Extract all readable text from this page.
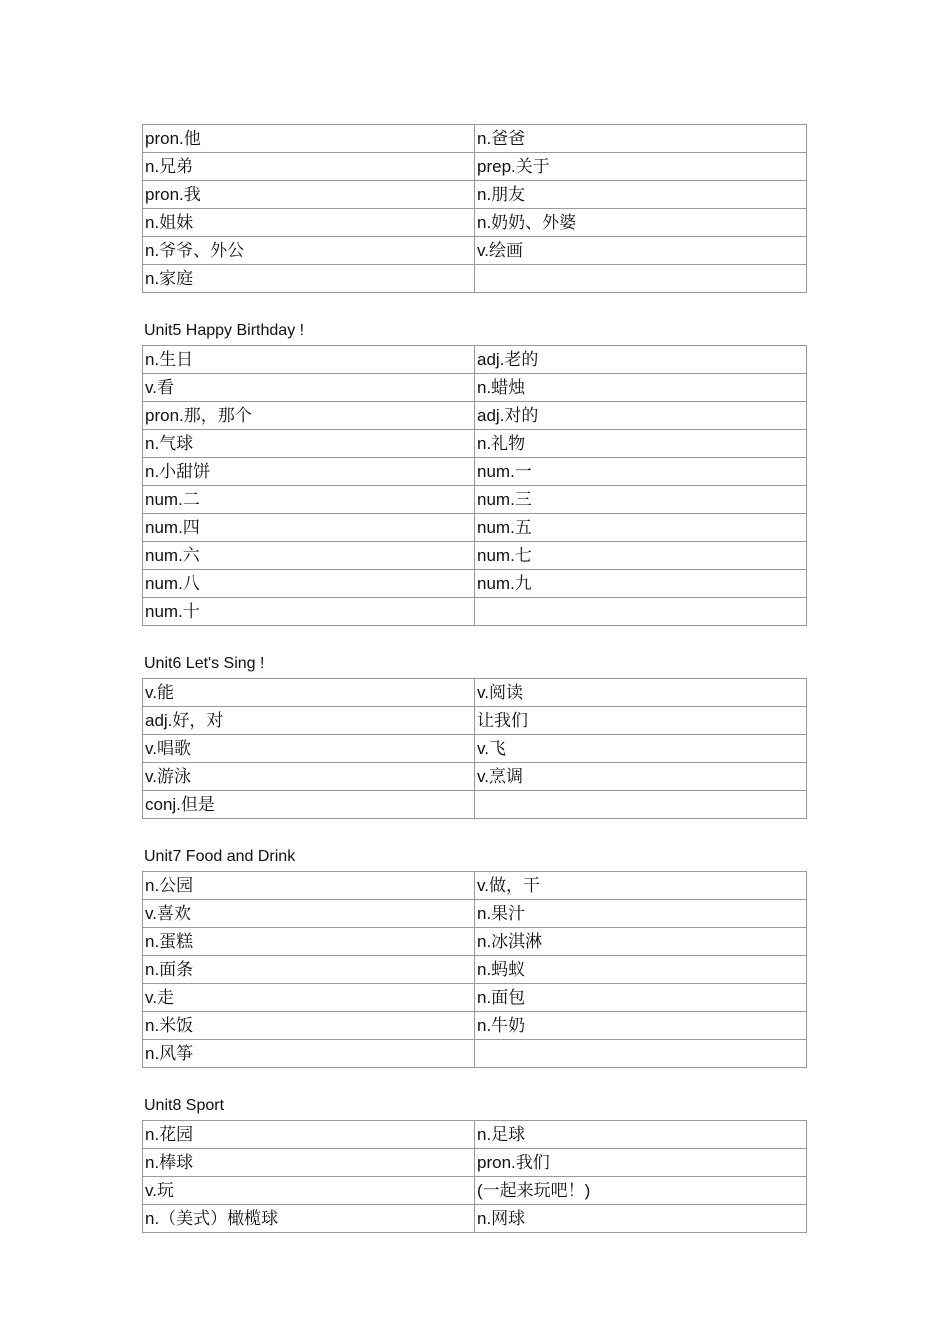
pron.他	n.爸爸
n.兄弟	prep.关于
pron.我	n.朋友
n.姐妹	n.奶奶、外婆
n.爷爷、外公	v.绘画
n.家庭	
Unit5 Happy Birthday !
n.生日	adj.老的
v.看	n.蜡烛
pron.那，那个	adj.对的
n.气球	n.礼物
n.小甜饼	num.一
num.二	num.三
num.四	num.五
num.六	num.七
num.八	num.九
num.十	
Unit6 Let's Sing !
v.能	v.阅读
adj.好，对	让我们
v.唱歌	v.飞
v.游泳	v.烹调
conj.但是	
Unit7 Food and Drink
n.公园	v.做，干
v.喜欢	n.果汁
n.蛋糕	n.冰淇淋
n.面条	n.蚂蚁
v.走	n.面包
n.米饭	n.牛奶
n.风筝	
Unit8 Sport
n.花园	n.足球
n.棒球	pron.我们
v.玩	(一起来玩吧！)
n.（美式）橄榄球	n.网球
